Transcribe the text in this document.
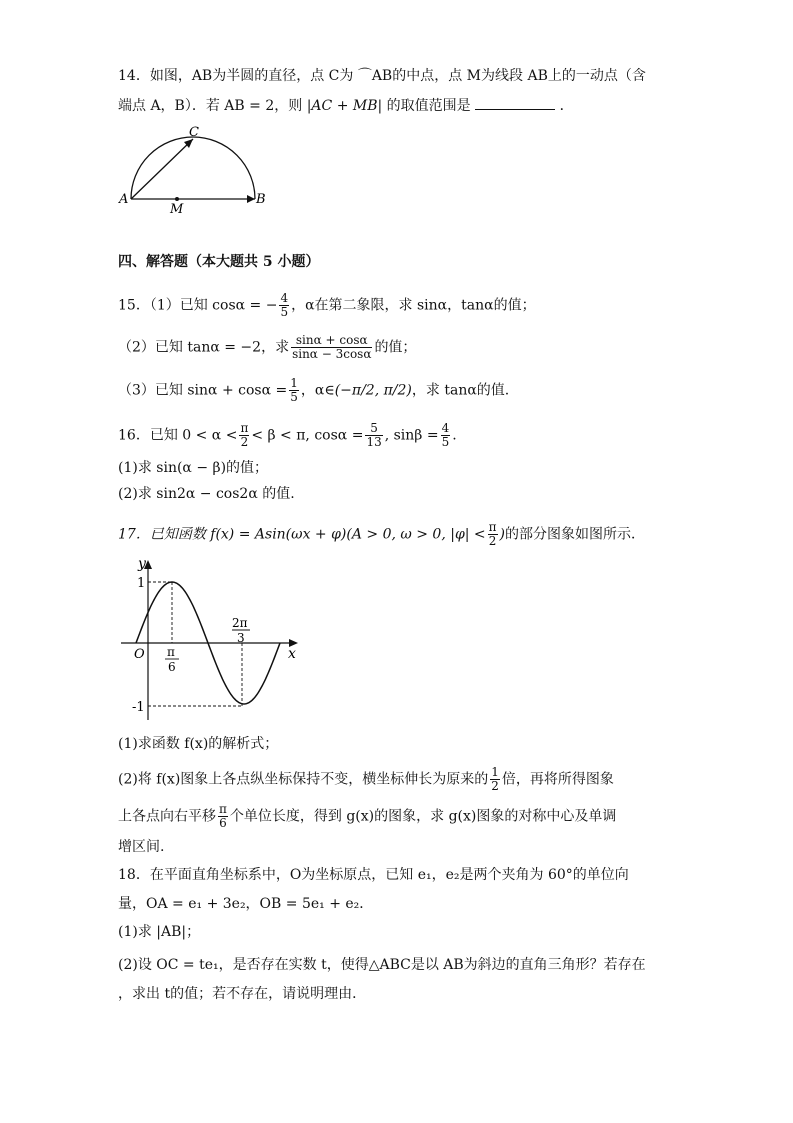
14．如图，AB为半圆的直径，点 C为 ⌒AB的中点，点 M为线段 AB上的一动点（含
端点 A，B）．若 AB = 2，则 |AC + MB| 的取值范围是	．
A	B
C
M
四、解答题（本大题共 5 小题）
15．（1）已知 cosα = − $\frac{4}{5}$ ，α在第二象限，求 sinα，tanα的值；
（2）已知 tanα = −2，求 $\frac{\sin\alpha + \cos\alpha}{\sin\alpha - 3\cos\alpha}$ 的值；
（3）已知 $\sin\alpha + \cos\alpha = \frac{1}{5}$ ，α∈(−π/2, π/2)，求 tanα的值.
16．已知 $0 < \alpha < \frac{\pi}{2} < \beta < \pi$, $\cos\alpha = \frac{5}{13}$ , $\sin\beta = \frac{4}{5}$ .
(1)求 sin(α − β)的值；
(2)求 sin2α − cos2α 的值.
17．已知函数 f(x) = Asin(ωx + φ)(A > 0, ω > 0, $|\varphi| < \frac{\pi}{2}$ )的部分图象如图所示．
y
x
O
1
-1
π
6
2π
3
(1)求函数 f(x)的解析式；
(2)将 f(x)图象上各点纵坐标保持不变，横坐标伸长为原来的 $\frac{1}{2}$ 倍，再将所得图象
上各点向右平移 $\frac{\pi}{6}$ 个单位长度，得到 g(x)的图象，求 g(x)图象的对称中心及单调
增区间.
18．在平面直角坐标系中，O为坐标原点，已知 e₁，e₂是两个夹角为 60°的单位向
量，OA = e₁ + 3e₂，OB = 5e₁ + e₂．
(1)求 |AB|；
(2)设 OC = te₁，是否存在实数 t，使得△ABC是以 AB为斜边的直角三角形？若存在
，求出 t的值；若不存在，请说明理由．
